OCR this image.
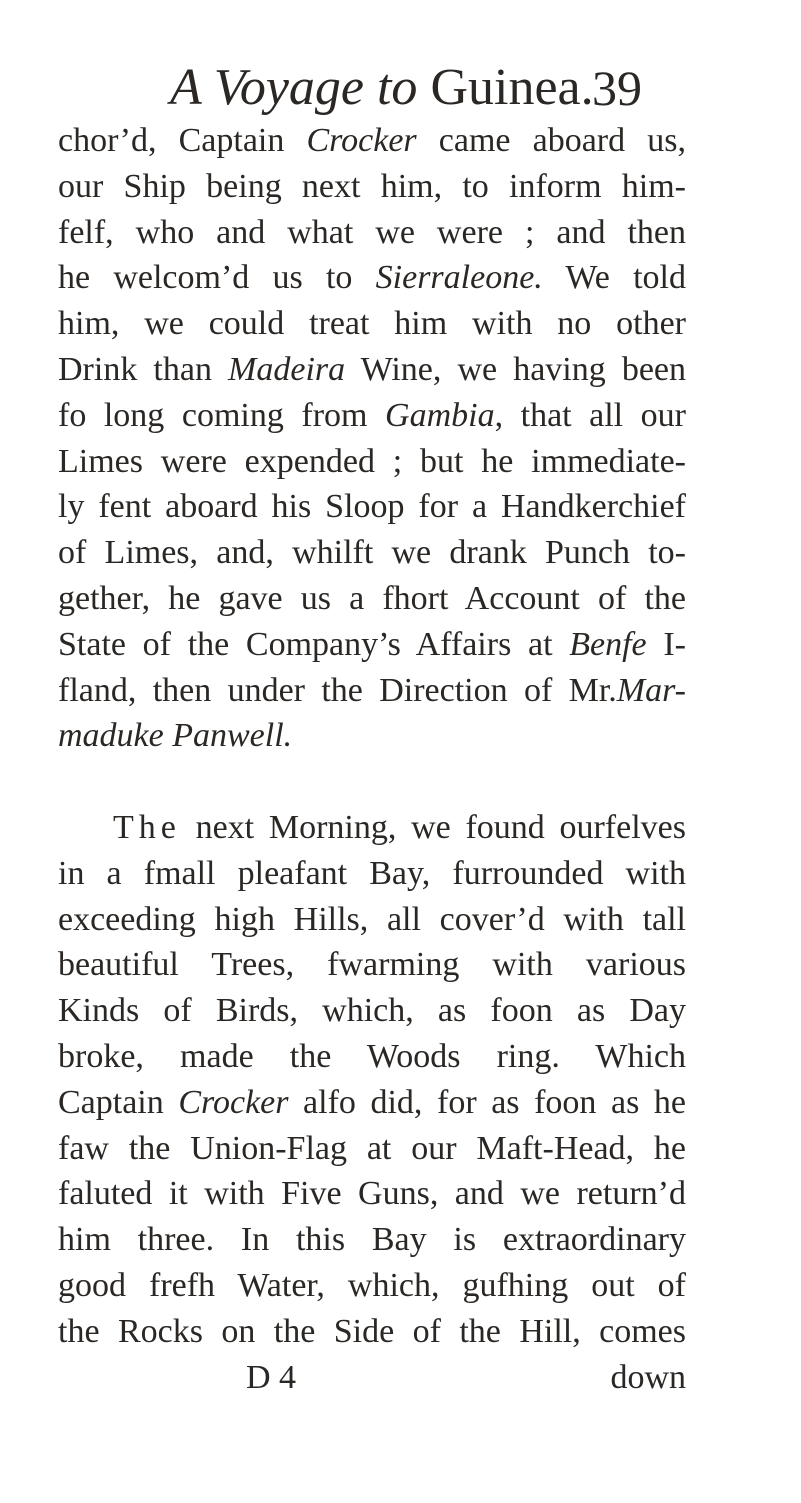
A Voyage to Guinea.
39
chor’d, Captain Crocker came aboard us,
our Ship being next him, to inform him-
felf, who and what we were ; and then
he welcom’d us to Sierraleone. We told
him, we could treat him with no other
Drink than Madeira Wine, we having been
fo long coming from Gambia, that all our
Limes were expended ; but he immediate-
ly fent aboard his Sloop for a Handkerchief
of Limes, and, whilft we drank Punch to-
gether, he gave us a fhort Account of the
State of the Company’s Affairs at Benfe I-
fland, then under the Direction of Mr.Mar-
maduke Panwell.
The next Morning, we found ourfelves
in a fmall pleafant Bay, furrounded with
exceeding high Hills, all cover’d with tall
beautiful Trees, fwarming with various
Kinds of Birds, which, as foon as Day
broke, made the Woods ring. Which
Captain Crocker alfo did, for as foon as he
faw the Union-Flag at our Maft-Head, he
faluted it with Five Guns, and we return’d
him three. In this Bay is extraordinary
good frefh Water, which, gufhing out of
the Rocks on the Side of the Hill, comes
D 4	down
